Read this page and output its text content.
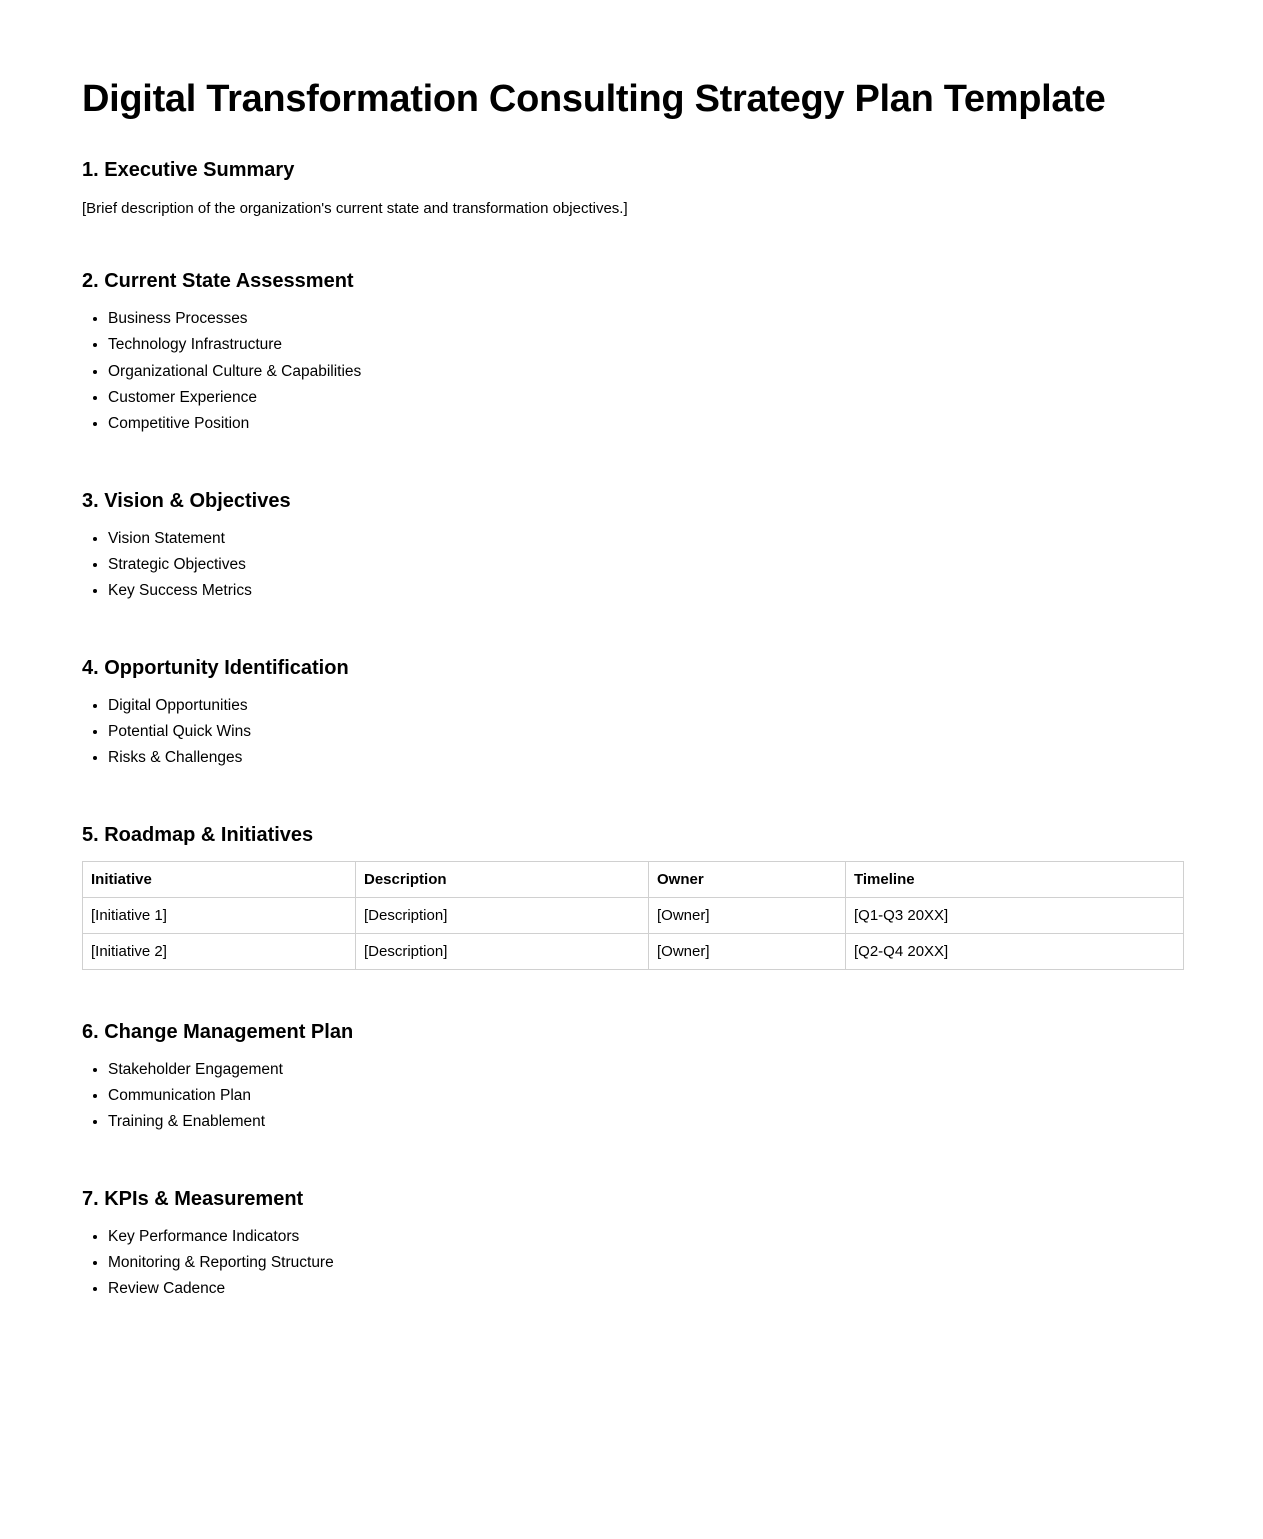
Digital Transformation Consulting Strategy Plan Template
1. Executive Summary

[Brief description of the organization's current state and transformation objectives.]

2. Current State Assessment
• Business Processes
• Technology Infrastructure
• Organizational Culture & Capabilities
• Customer Experience
• Competitive Position
3. Vision & Objectives
• Vision Statement
• Strategic Objectives
• Key Success Metrics
4. Opportunity Identification
• Digital Opportunities
• Potential Quick Wins
• Risks & Challenges
5. Roadmap & Initiatives
Initiative	Description	Owner	Timeline
[Initiative 1]	[Description]	[Owner]	[Q1-Q3 20XX]
[Initiative 2]	[Description]	[Owner]	[Q2-Q4 20XX]
6. Change Management Plan
• Stakeholder Engagement
• Communication Plan
• Training & Enablement
7. KPIs & Measurement
• Key Performance Indicators
• Monitoring & Reporting Structure
• Review Cadence
